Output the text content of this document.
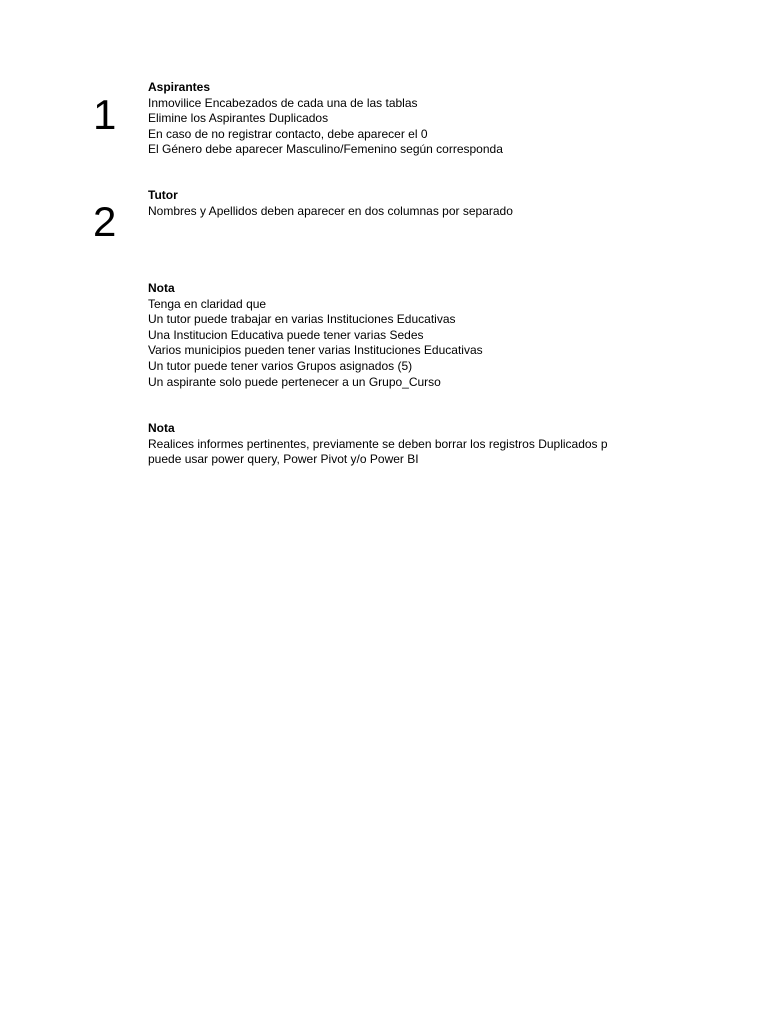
1
Aspirantes
Inmovilice Encabezados de cada una de las tablas
Elimine los Aspirantes Duplicados
En caso de no registrar contacto, debe aparecer el 0
El Género debe aparecer Masculino/Femenino según corresponda
2
Tutor
Nombres y Apellidos deben aparecer en dos columnas por separado
Nota
Tenga en claridad que
Un tutor puede trabajar en varias Instituciones Educativas
Una Institucion Educativa puede tener varias Sedes
Varios municipios pueden tener varias Instituciones Educativas
Un tutor puede tener varios Grupos asignados (5)
Un aspirante solo puede pertenecer a un Grupo_Curso
Nota
Realices informes pertinentes, previamente se deben borrar los registros Duplicados p
puede usar power query, Power Pivot y/o Power BI
